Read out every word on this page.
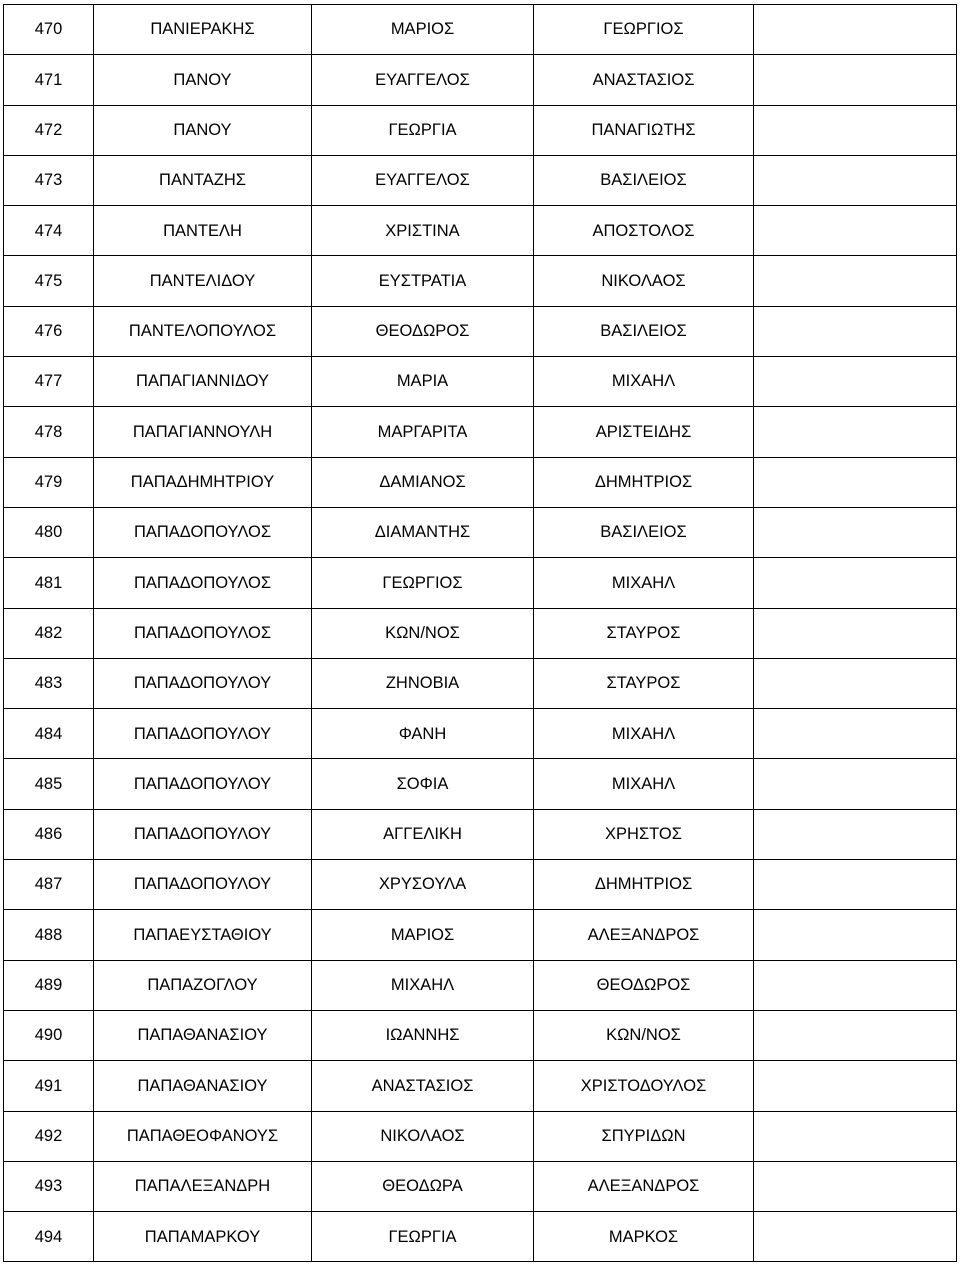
470	ΠΑΝΙΕΡΑΚΗΣ	ΜΑΡΙΟΣ	ΓΕΩΡΓΙΟΣ	
471	ΠΑΝΟΥ	ΕΥΑΓΓΕΛΟΣ	ΑΝΑΣΤΑΣΙΟΣ	
472	ΠΑΝΟΥ	ΓΕΩΡΓΙΑ	ΠΑΝΑΓΙΩΤΗΣ	
473	ΠΑΝΤΑΖΗΣ	ΕΥΑΓΓΕΛΟΣ	ΒΑΣΙΛΕΙΟΣ	
474	ΠΑΝΤΕΛΗ	ΧΡΙΣΤΙΝΑ	ΑΠΟΣΤΟΛΟΣ	
475	ΠΑΝΤΕΛΙΔΟΥ	ΕΥΣΤΡΑΤΙΑ	ΝΙΚΟΛΑΟΣ	
476	ΠΑΝΤΕΛΟΠΟΥΛΟΣ	ΘΕΟΔΩΡΟΣ	ΒΑΣΙΛΕΙΟΣ	
477	ΠΑΠΑΓΙΑΝΝΙΔΟΥ	ΜΑΡΙΑ	ΜΙΧΑΗΛ	
478	ΠΑΠΑΓΙΑΝΝΟΥΛΗ	ΜΑΡΓΑΡΙΤΑ	ΑΡΙΣΤΕΙΔΗΣ	
479	ΠΑΠΑΔΗΜΗΤΡΙΟΥ	ΔΑΜΙΑΝΟΣ	ΔΗΜΗΤΡΙΟΣ	
480	ΠΑΠΑΔΟΠΟΥΛΟΣ	ΔΙΑΜΑΝΤΗΣ	ΒΑΣΙΛΕΙΟΣ	
481	ΠΑΠΑΔΟΠΟΥΛΟΣ	ΓΕΩΡΓΙΟΣ	ΜΙΧΑΗΛ	
482	ΠΑΠΑΔΟΠΟΥΛΟΣ	ΚΩΝ/ΝΟΣ	ΣΤΑΥΡΟΣ	
483	ΠΑΠΑΔΟΠΟΥΛΟΥ	ΖΗΝΟΒΙΑ	ΣΤΑΥΡΟΣ	
484	ΠΑΠΑΔΟΠΟΥΛΟΥ	ΦΑΝΗ	ΜΙΧΑΗΛ	
485	ΠΑΠΑΔΟΠΟΥΛΟΥ	ΣΟΦΙΑ	ΜΙΧΑΗΛ	
486	ΠΑΠΑΔΟΠΟΥΛΟΥ	ΑΓΓΕΛΙΚΗ	ΧΡΗΣΤΟΣ	
487	ΠΑΠΑΔΟΠΟΥΛΟΥ	ΧΡΥΣΟΥΛΑ	ΔΗΜΗΤΡΙΟΣ	
488	ΠΑΠΑΕΥΣΤΑΘΙΟΥ	ΜΑΡΙΟΣ	ΑΛΕΞΑΝΔΡΟΣ	
489	ΠΑΠΑΖΟΓΛΟΥ	ΜΙΧΑΗΛ	ΘΕΟΔΩΡΟΣ	
490	ΠΑΠΑΘΑΝΑΣΙΟΥ	ΙΩΑΝΝΗΣ	ΚΩΝ/ΝΟΣ	
491	ΠΑΠΑΘΑΝΑΣΙΟΥ	ΑΝΑΣΤΑΣΙΟΣ	ΧΡΙΣΤΟΔΟΥΛΟΣ	
492	ΠΑΠΑΘΕΟΦΑΝΟΥΣ	ΝΙΚΟΛΑΟΣ	ΣΠΥΡΙΔΩΝ	
493	ΠΑΠΑΛΕΞΑΝΔΡΗ	ΘΕΟΔΩΡΑ	ΑΛΕΞΑΝΔΡΟΣ	
494	ΠΑΠΑΜΑΡΚΟΥ	ΓΕΩΡΓΙΑ	ΜΑΡΚΟΣ	
